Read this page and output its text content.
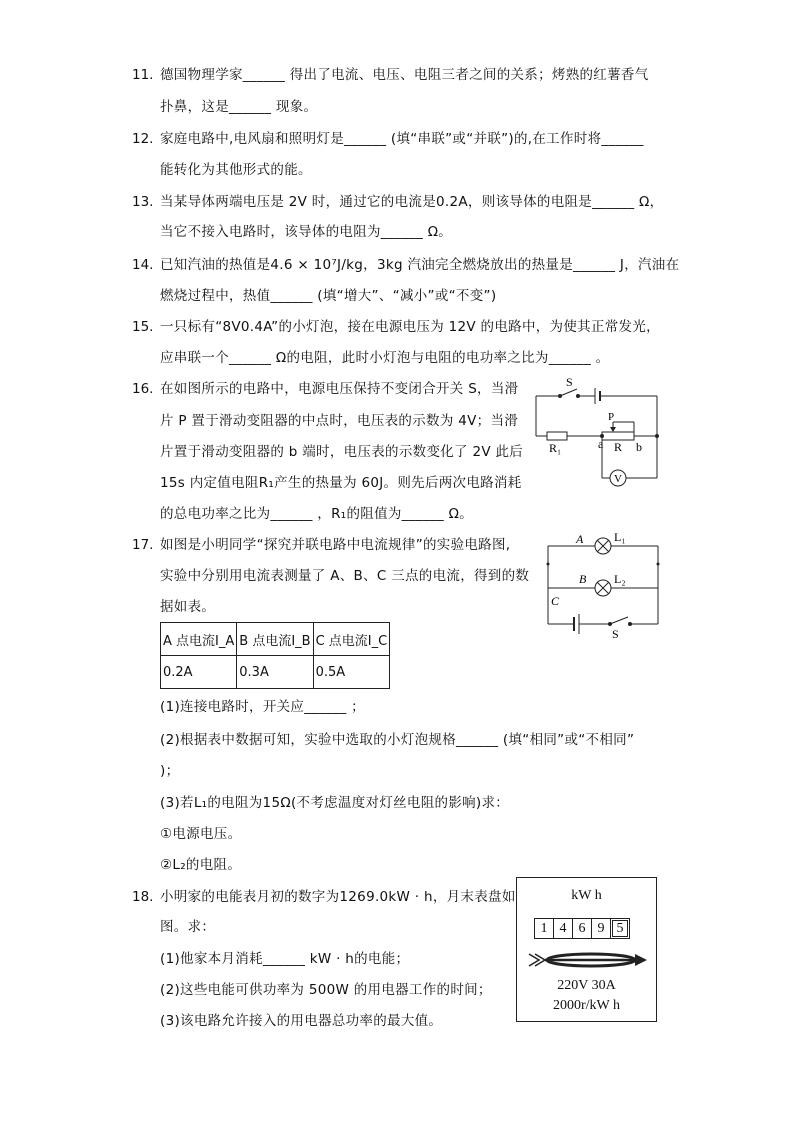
11. 德国物理学家______ 得出了电流、电压、电阻三者之间的关系；烤熟的红薯香气
扑鼻，这是______ 现象。
12. 家庭电路中,电风扇和照明灯是______ (填“串联”或“并联”)的,在工作时将______
能转化为其他形式的能。
13. 当某导体两端电压是 2V 时，通过它的电流是0.2A，则该导体的电阻是______ Ω，
当它不接入电路时，该导体的电阻为______ Ω。
14. 已知汽油的热值是4.6 × 10⁷J/kg，3kg 汽油完全燃烧放出的热量是______ J，汽油在
燃烧过程中，热值______ (填“增大”、“减小”或“不变”)
15. 一只标有“8V0.4A”的小灯泡，接在电源电压为 12V 的电路中，为使其正常发光，
应串联一个______ Ω的电阻，此时小灯泡与电阻的电功率之比为______ 。
16. 在如图所示的电路中，电源电压保持不变闭合开关 S，当滑
片 P 置于滑动变阻器的中点时，电压表的示数为 4V；当滑
片置于滑动变阻器的 b 端时，电压表的示数变化了 2V 此后
15s 内定值电阻R₁产生的热量为 60J。则先后两次电路消耗
的总电功率之比为______ ，R₁的阻值为______ Ω。
S
R₁
P
R
a	b
V
17. 如图是小明同学“探究并联电路中电流规律”的实验电路图,
实验中分别用电流表测量了 A、B、C 三点的电流，得到的数
据如表。
A 点电流I_A	B 点电流I_B	C 点电流I_C
0.2A	0.3A	0.5A
(1)连接电路时，开关应______ ；
(2)根据表中数据可知，实验中选取的小灯泡规格______ (填“相同”或“不相同”
)；
(3)若L₁的电阻为15Ω(不考虑温度对灯丝电阻的影响)求：
①电源电压。
②L₂的电阻。
A
B
C
L₁
L₂
S
18. 小明家的电能表月初的数字为1269.0kW · h，月末表盘如
图。求：
(1)他家本月消耗______ kW · h的电能；
(2)这些电能可供功率为 500W 的用电器工作的时间；
(3)该电路允许接入的用电器总功率的最大值。
kW h
1 4 6 9 5
220V 30A
2000r/kW h
